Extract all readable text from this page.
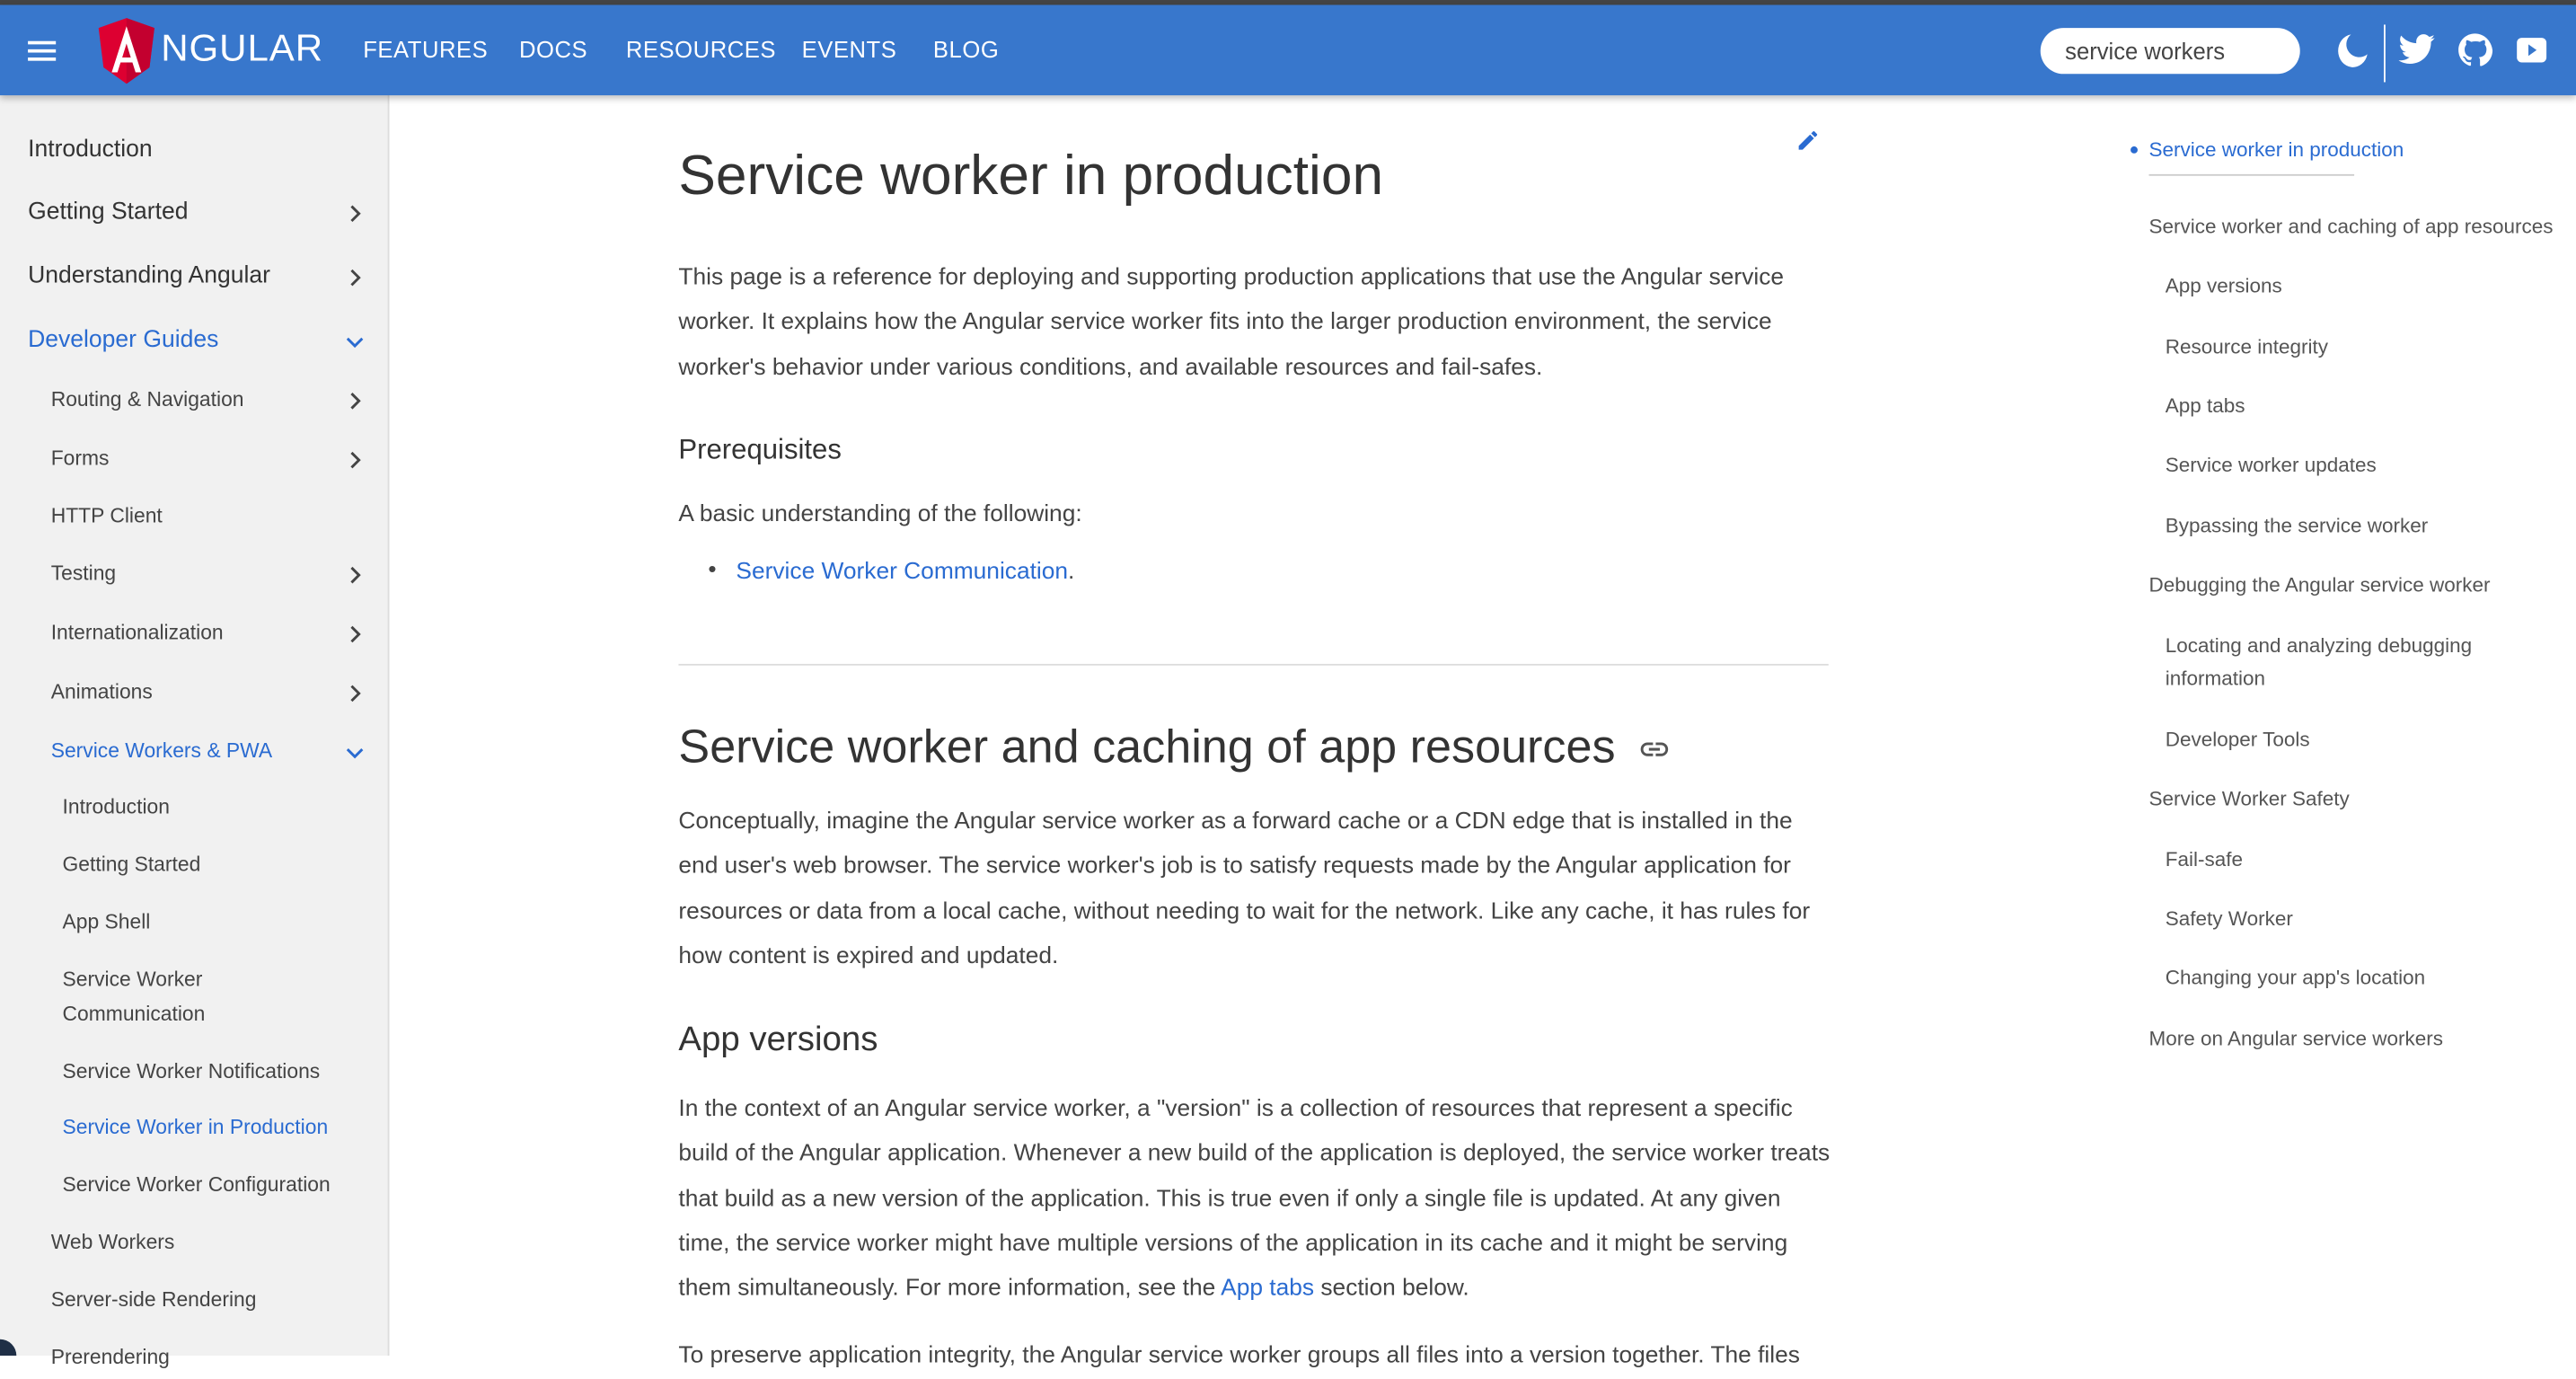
NGULAR	FEATURES DOCS	RESOURCES EVENTS	BLOG
service workers
Introduction
Getting Started
Understanding Angular
Developer Guides
Routing & Navigation
Forms
HTTP Client
Testing
Internationalization
Animations
Service Workers & PWA
Introduction
Getting Started
App Shell
Service Worker Communication
Service Worker Notifications
Service Worker in Production
Service Worker Configuration
Web Workers
Server-side Rendering
Prerendering
Service worker in production

This page is a reference for deploying and supporting production applications that use the Angular service worker. It explains how the Angular service worker fits into the larger production environment, the service worker's behavior under various conditions, and available resources and fail-safes.

Prerequisites

A basic understanding of the following:

• Service Worker Communication.
Service worker and caching of app resources

Conceptually, imagine the Angular service worker as a forward cache or a CDN edge that is installed in the end user's web browser. The service worker's job is to satisfy requests made by the Angular application for resources or data from a local cache, without needing to wait for the network. Like any cache, it has rules for how content is expired and updated.

App versions

In the context of an Angular service worker, a "version" is a collection of resources that represent a specific build of the Angular application. Whenever a new build of the application is deployed, the service worker treats that build as a new version of the application. This is true even if only a single file is updated. At any given time, the service worker might have multiple versions of the application in its cache and it might be serving them simultaneously. For more information, see the App tabs section below.

To preserve application integrity, the Angular service worker groups all files into a version together. The files

● Service worker in production
Service worker and caching of app resources
App versions
Resource integrity
App tabs
Service worker updates
Bypassing the service worker
Debugging the Angular service worker
Locating and analyzing debugging information
Developer Tools
Service Worker Safety
Fail-safe
Safety Worker
Changing your app's location
More on Angular service workers
